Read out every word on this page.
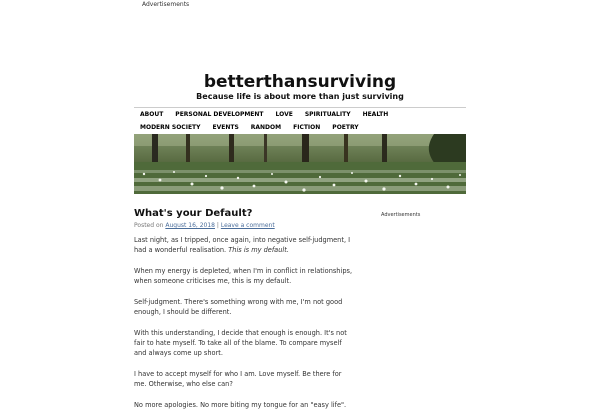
Advertisements
betterthansurviving
Because life is about more than just surviving
ABOUT	PERSONAL DEVELOPMENT	LOVE	SPIRITUALITY	HEALTH
MODERN SOCIETY	EVENTS	RANDOM	FICTION	POETRY
What's your Default?
Posted on August 16, 2018 | Leave a comment

Last night, as I tripped, once again, into negative self-judgment, I had a wonderful realisation. This is my default.

When my energy is depleted, when I'm in conflict in relationships, when someone criticises me, this is my default.

Self-judgment. There's something wrong with me, I'm not good enough, I should be different.

With this understanding, I decide that enough is enough. It's not fair to hate myself. To take all of the blame. To compare myself and always come up short.

I have to accept myself for who I am. Love myself. Be there for me. Otherwise, who else can?

No more apologies. No more biting my tongue for an "easy life".

Advertisements
